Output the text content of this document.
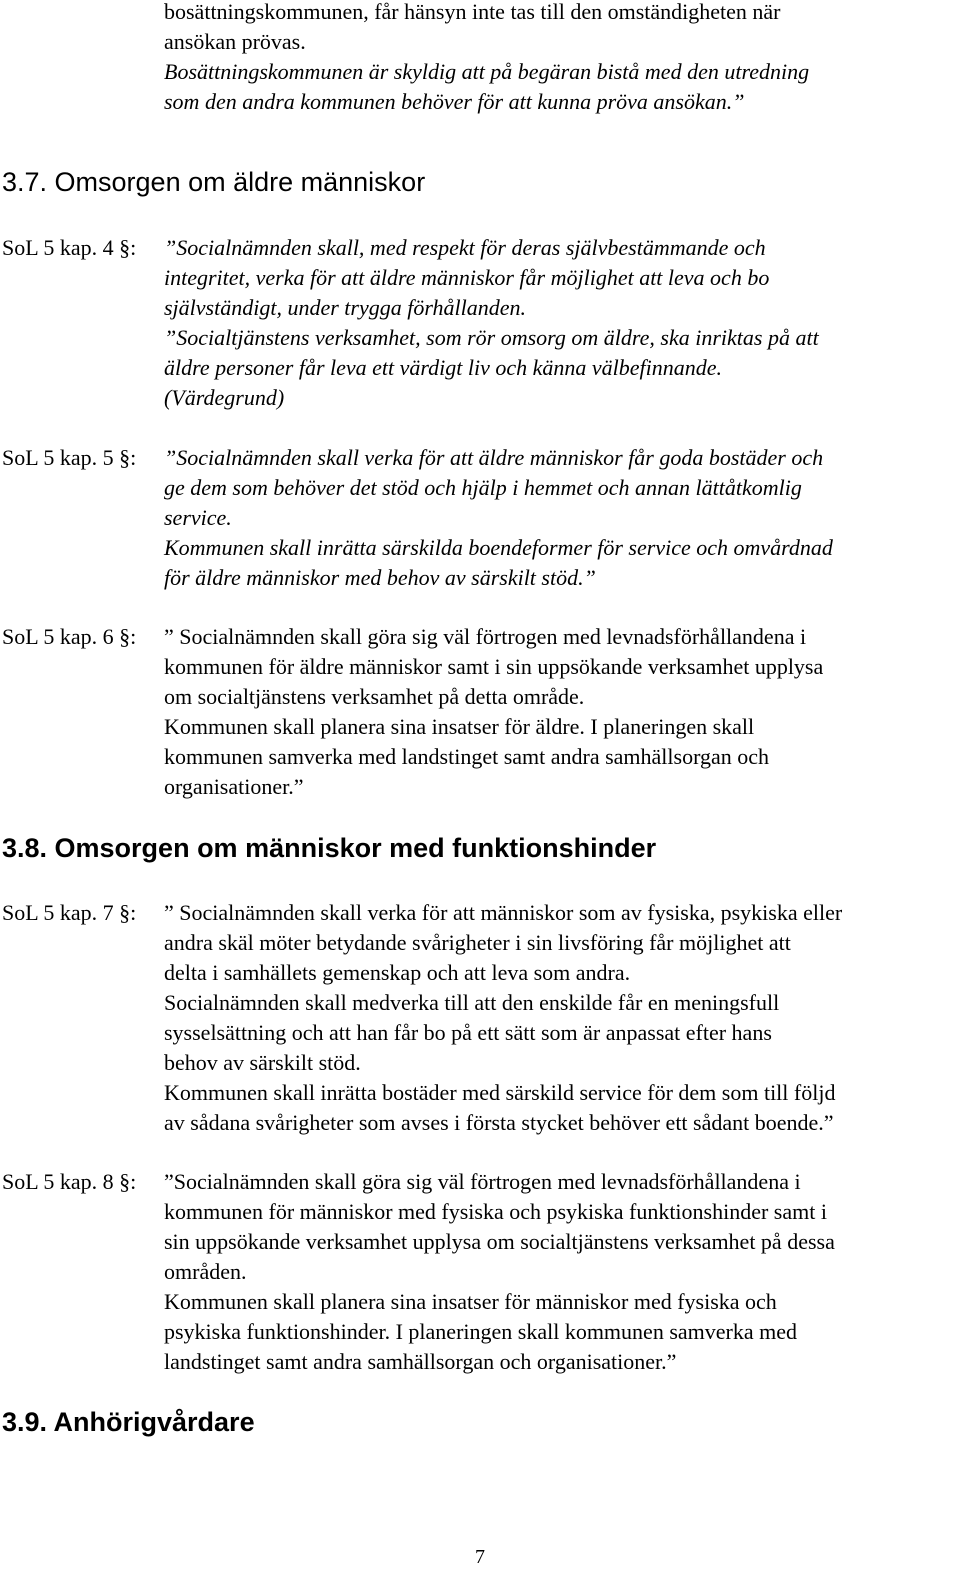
bosättningskommunen, får hänsyn inte tas till den omständigheten när
ansökan prövas.
Bosättningskommunen är skyldig att på begäran bistå med den utredning
som den andra kommunen behöver för att kunna pröva ansökan.”
3.7. Omsorgen om äldre människor
SoL 5 kap. 4 §: ”Socialnämnden skall, med respekt för deras självbestämmande och
integritet, verka för att äldre människor får möjlighet att leva och bo
självständigt, under trygga förhållanden.
”Socialtjänstens verksamhet, som rör omsorg om äldre, ska inriktas på att
äldre personer får leva ett värdigt liv och känna välbefinnande.
(Värdegrund)
SoL 5 kap. 5 §: ”Socialnämnden skall verka för att äldre människor får goda bostäder och
ge dem som behöver det stöd och hjälp i hemmet och annan lättåtkomlig
service.
Kommunen skall inrätta särskilda boendeformer för service och omvårdnad
för äldre människor med behov av särskilt stöd.”
SoL 5 kap. 6 §: ” Socialnämnden skall göra sig väl förtrogen med levnadsförhållandena i
kommunen för äldre människor samt i sin uppsökande verksamhet upplysa
om socialtjänstens verksamhet på detta område.
Kommunen skall planera sina insatser för äldre. I planeringen skall
kommunen samverka med landstinget samt andra samhällsorgan och
organisationer.”
3.8. Omsorgen om människor med funktionshinder
SoL 5 kap. 7 §: ” Socialnämnden skall verka för att människor som av fysiska, psykiska eller
andra skäl möter betydande svårigheter i sin livsföring får möjlighet att
delta i samhällets gemenskap och att leva som andra.
Socialnämnden skall medverka till att den enskilde får en meningsfull
sysselsättning och att han får bo på ett sätt som är anpassat efter hans
behov av särskilt stöd.
Kommunen skall inrätta bostäder med särskild service för dem som till följd
av sådana svårigheter som avses i första stycket behöver ett sådant boende.”
SoL 5 kap. 8 §: ”Socialnämnden skall göra sig väl förtrogen med levnadsförhållandena i
kommunen för människor med fysiska och psykiska funktionshinder samt i
sin uppsökande verksamhet upplysa om socialtjänstens verksamhet på dessa
områden.
Kommunen skall planera sina insatser för människor med fysiska och
psykiska funktionshinder. I planeringen skall kommunen samverka med
landstinget samt andra samhällsorgan och organisationer.”
3.9. Anhörigvårdare
7
